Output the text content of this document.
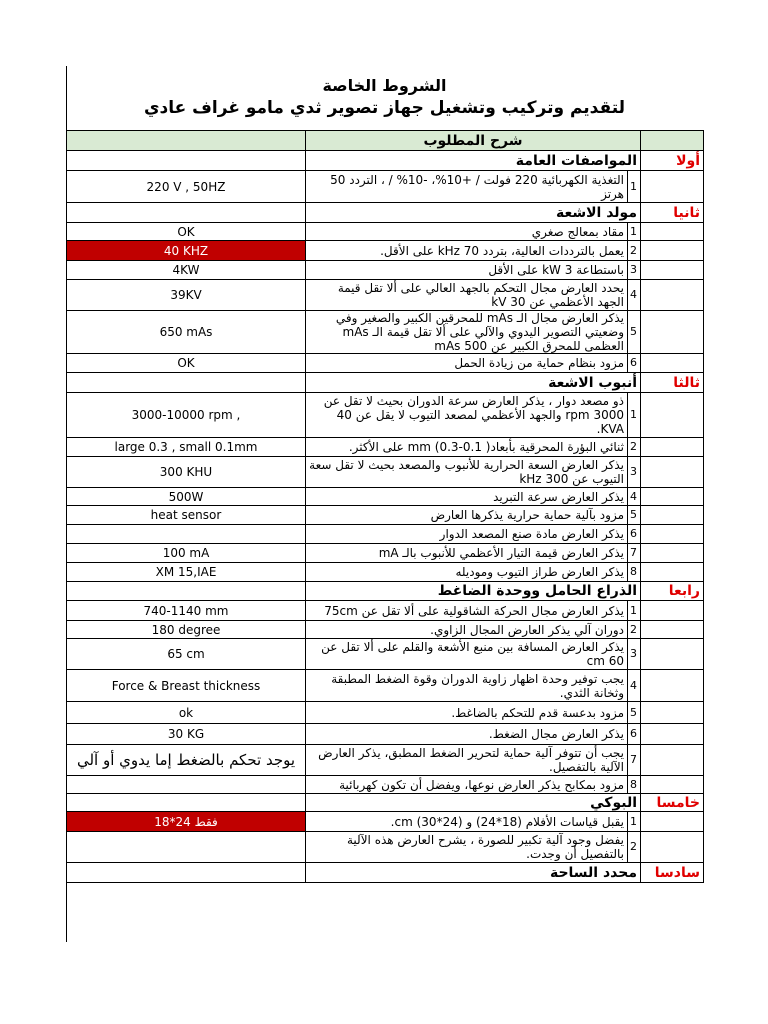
الشروط الخاصة
لتقديم وتركيب وتشغيل جهاز تصوير ثدي مامو غراف عادي
	شرح المطلوب		
	المواصفات العامة		أولا
220 V , 50HZ	التغذية الكهربائية 220 فولت / +10%، -10% / ، التردد 50 هرتز	1	
	مولد الاشعة		ثانيا
OK	مقاد بمعالج صغري	1	
40 KHZ	يعمل بالترددات العالية، بتردد 70 kHz على الأقل.	2	
4KW	باستطاعة 3 kW على الأقل	3	
39KV	يحدد العارض مجال التحكم بالجهد العالي على ألا تقل قيمة الجهد الأعظمي عن 30 kV	4	
650 mAs	يذكر العارض مجال الـ mAs للمحرقين الكبير والصغير وفي وضعيتي التصوير اليدوي والآلي على ألا تقل قيمة الـ mAs العظمى للمحرق الكبير عن 500 mAs	5	
OK	مزود بنظام حماية من زيادة الحمل	6	
	أنبوب الاشعة		ثالثا
3000-10000 rpm ,	ذو مصعد دوار ، يذكر العارض سرعة الدوران بحيث لا تقل عن 3000 rpm والجهد الأعظمي لمصعد التيوب لا يقل عن 40 KVA.	1	
large 0.3 , small 0.1mm	ثنائي البؤرة المحرقية بأبعاد( 0.1-0.3) mm على الأكثر.	2	
300 KHU	يذكر العارض السعة الحرارية للأنبوب والمصعد بحيث لا تقل سعة التيوب عن 300 kHz	3	
500W	يذكر العارض سرعة التبريد	4	
heat sensor	مزود بآلية حماية حرارية يذكرها العارض	5	
	يذكر العارض مادة صنع المصعد الدوار	6	
100 mA	يذكر العارض قيمة التيار الأعظمي للأنبوب بالـ mA	7	
XM 15,IAE	يذكر العارض طراز التيوب وموديله	8	
	الذراع الحامل ووحدة الضاغط		رابعا
740-1140 mm	يذكر العارض مجال الحركة الشاقولية على ألا تقل عن 75cm	1	
180 degree	دوران آلي يذكر العارض المجال الزاوي.	2	
65 cm	يذكر العارض المسافة بين منبع الأشعة والقلم على ألا تقل عن 60 cm	3	
Force & Breast thickness	يجب توفير وحدة اظهار زاوية الدوران وقوة الضغط المطبقة وثخانة الثدي.	4	
ok	مزود بدعسة قدم للتحكم بالضاغط.	5	
30 KG	يذكر العارض مجال الضغط.	6	
يوجد تحكم بالضغط إما يدوي أو آلي	يجب أن تتوفر آلية حماية لتحرير الضغط المطبق، يذكر العارض الآلية بالتفصيل.	7	
	مزود بمكابح يذكر العارض نوعها، ويفضل أن تكون كهربائية	8	
	البوكي		خامسا
فقط 24*18	يقبل قياسات الأفلام (18*24) و (24*30) cm.	1	
	يفضل وجود آلية تكبير للصورة ، يشرح العارض هذه الآلية بالتفصيل أن وجدت.	2	
	محدد الساحة		سادسا
